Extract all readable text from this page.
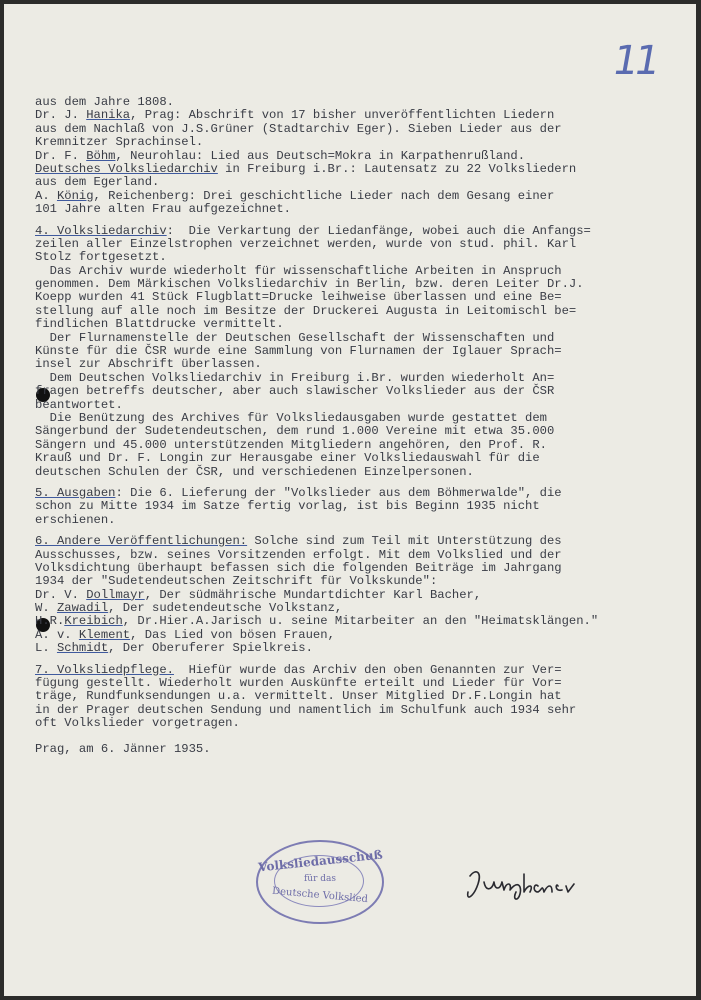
11
aus dem Jahre 1808.
Dr. J. Hanika, Prag: Abschrift von 17 bisher unveröffentlichten Liedern
aus dem Nachlaß von J.S.Grüner (Stadtarchiv Eger). Sieben Lieder aus der
Kremnitzer Sprachinsel.
Dr. F. Böhm, Neurohlau: Lied aus Deutsch=Mokra in Karpathenrußland.
Deutsches Volksliedarchiv in Freiburg i.Br.: Lautensatz zu 22 Volksliedern
aus dem Egerland.
A. König, Reichenberg: Drei geschichtliche Lieder nach dem Gesang einer
101 Jahre alten Frau aufgezeichnet.
4. Volksliedarchiv:  Die Verkartung der Liedanfänge, wobei auch die Anfangs=
zeilen aller Einzelstrophen verzeichnet werden, wurde von stud. phil. Karl
Stolz fortgesetzt.
Das Archiv wurde wiederholt für wissenschaftliche Arbeiten in Anspruch
genommen. Dem Märkischen Volksliedarchiv in Berlin, bzw. deren Leiter Dr.J.
Koepp wurden 41 Stück Flugblatt=Drucke leihweise überlassen und eine Be=
stellung auf alle noch im Besitze der Druckerei Augusta in Leitomischl be=
findlichen Blattdrucke vermittelt.
Der Flurnamenstelle der Deutschen Gesellschaft der Wissenschaften und
Künste für die ČSR wurde eine Sammlung von Flurnamen der Iglauer Sprach=
insel zur Abschrift überlassen.
Dem Deutschen Volksliedarchiv in Freiburg i.Br. wurden wiederholt An=
fragen betreffs deutscher, aber auch slawischer Volkslieder aus der ČSR
beantwortet.
Die Benützung des Archives für Volksliedausgaben wurde gestattet dem
Sängerbund der Sudetendeutschen, dem rund 1.000 Vereine mit etwa 35.000
Sängern und 45.000 unterstützenden Mitgliedern angehören, den Prof. R.
Krauß und Dr. F. Longin zur Herausgabe einer Volksliedauswahl für die
deutschen Schulen der ČSR, und verschiedenen Einzelpersonen.
5. Ausgaben: Die 6. Lieferung der "Volkslieder aus dem Böhmerwalde", die
schon zu Mitte 1934 im Satze fertig vorlag, ist bis Beginn 1935 nicht
erschienen.
6. Andere Veröffentlichungen: Solche sind zum Teil mit Unterstützung des
Ausschusses, bzw. seines Vorsitzenden erfolgt. Mit dem Volkslied und der
Volksdichtung überhaupt befassen sich die folgenden Beiträge im Jahrgang
1934 der "Sudetendeutschen Zeitschrift für Volkskunde":
Dr. V. Dollmayr, Der südmährische Mundartdichter Karl Bacher,
W. Zawadil, Der sudetendeutsche Volkstanz,
H.R.Kreibich, Dr.Hier.A.Jarisch u. seine Mitarbeiter an den "Heimatsklängen."
A. v. Klement, Das Lied von bösen Frauen,
L. Schmidt, Der Oberuferer Spielkreis.
7. Volksliedpflege.  Hiefür wurde das Archiv den oben Genannten zur Ver=
fügung gestellt. Wiederholt wurden Auskünfte erteilt und Lieder für Vor=
träge, Rundfunksendungen u.a. vermittelt. Unser Mitglied Dr.F.Longin hat
in der Prager deutschen Sendung und namentlich im Schulfunk auch 1934 sehr
oft Volkslieder vorgetragen.
Prag, am 6. Jänner 1935.
Volksliedausschuß
für das
Deutsche Volkslied
